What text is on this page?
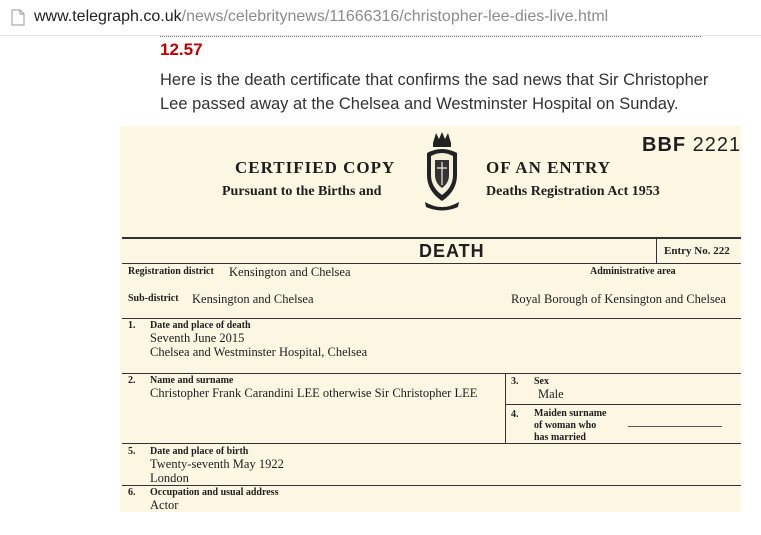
www.telegraph.co.uk/news/celebritynews/11666316/christopher-lee-dies-live.html
12.57
Here is the death certificate that confirms the sad news that Sir Christopher Lee passed away at the Chelsea and Westminster Hospital on Sunday.
CERTIFIED COPY	OF AN ENTRY
Pursuant to the Births and	Deaths Registration Act 1953
BBF 2221
DEATH	Entry No. 222
Registration district Kensington and Chelsea	Administrative area
Sub-district Kensington and Chelsea	Royal Borough of Kensington and Chelsea
1. Date and place of death
Seventh June 2015
Chelsea and Westminster Hospital, Chelsea
2. Name and surname
Christopher Frank Carandini LEE otherwise Sir Christopher LEE
3. Sex
Male
4. Maiden surname
of woman who
has married
5. Date and place of birth
Twenty-seventh May 1922
London
6. Occupation and usual address
Actor
